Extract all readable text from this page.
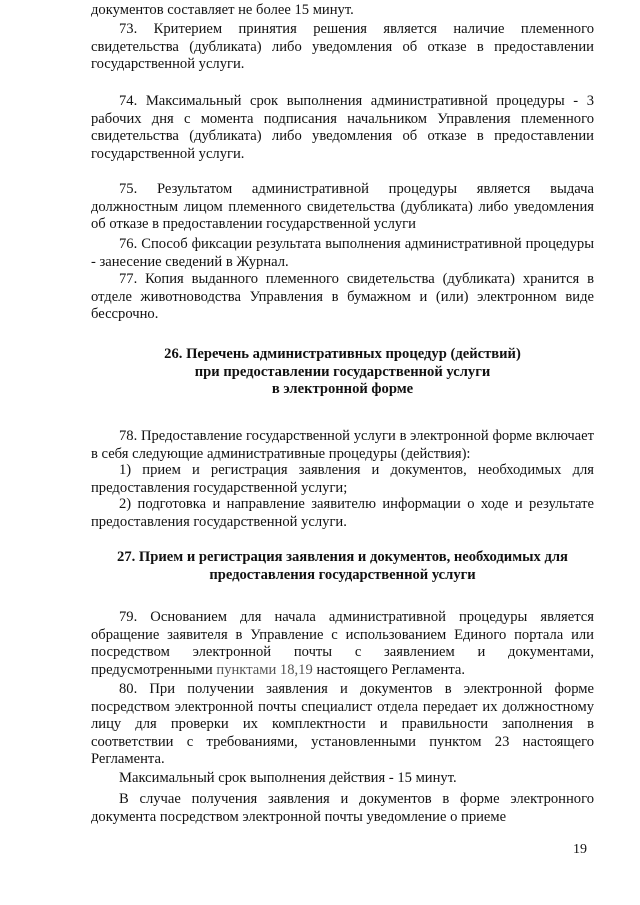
документов составляет не более 15 минут.

73. Критерием принятия решения является наличие племенного свидетельства (дубликата) либо уведомления об отказе в предоставлении государственной услуги.

74. Максимальный срок выполнения административной процедуры - 3 рабочих дня с момента подписания начальником Управления племенного свидетельства (дубликата) либо уведомления об отказе в предоставлении государственной услуги.

75. Результатом административной процедуры является выдача должностным лицом племенного свидетельства (дубликата) либо уведомления об отказе в предоставлении государственной услуги

76. Способ фиксации результата выполнения административной процедуры - занесение сведений в Журнал.

77. Копия выданного племенного свидетельства (дубликата) хранится в отделе животноводства Управления в бумажном и (или) электронном виде бессрочно.

26. Перечень административных процедур (действий)
при предоставлении государственной услуги
в электронной форме

78. Предоставление государственной услуги в электронной форме включает в себя следующие административные процедуры (действия):

1) прием и регистрация заявления и документов, необходимых для предоставления государственной услуги;

2) подготовка и направление заявителю информации о ходе и результате предоставления государственной услуги.

27. Прием и регистрация заявления и документов, необходимых для
предоставления государственной услуги

79. Основанием для начала административной процедуры является обращение заявителя в Управление с использованием Единого портала или посредством электронной почты с заявлением и документами, предусмотренными пунктами 18,19 настоящего Регламента.

80. При получении заявления и документов в электронной форме посредством электронной почты специалист отдела передает их должностному лицу для проверки их комплектности и правильности заполнения в соответствии с требованиями, установленными пунктом 23 настоящего Регламента.

Максимальный срок выполнения действия - 15 минут.

В случае получения заявления и документов в форме электронного документа посредством электронной почты уведомление о приеме

19
